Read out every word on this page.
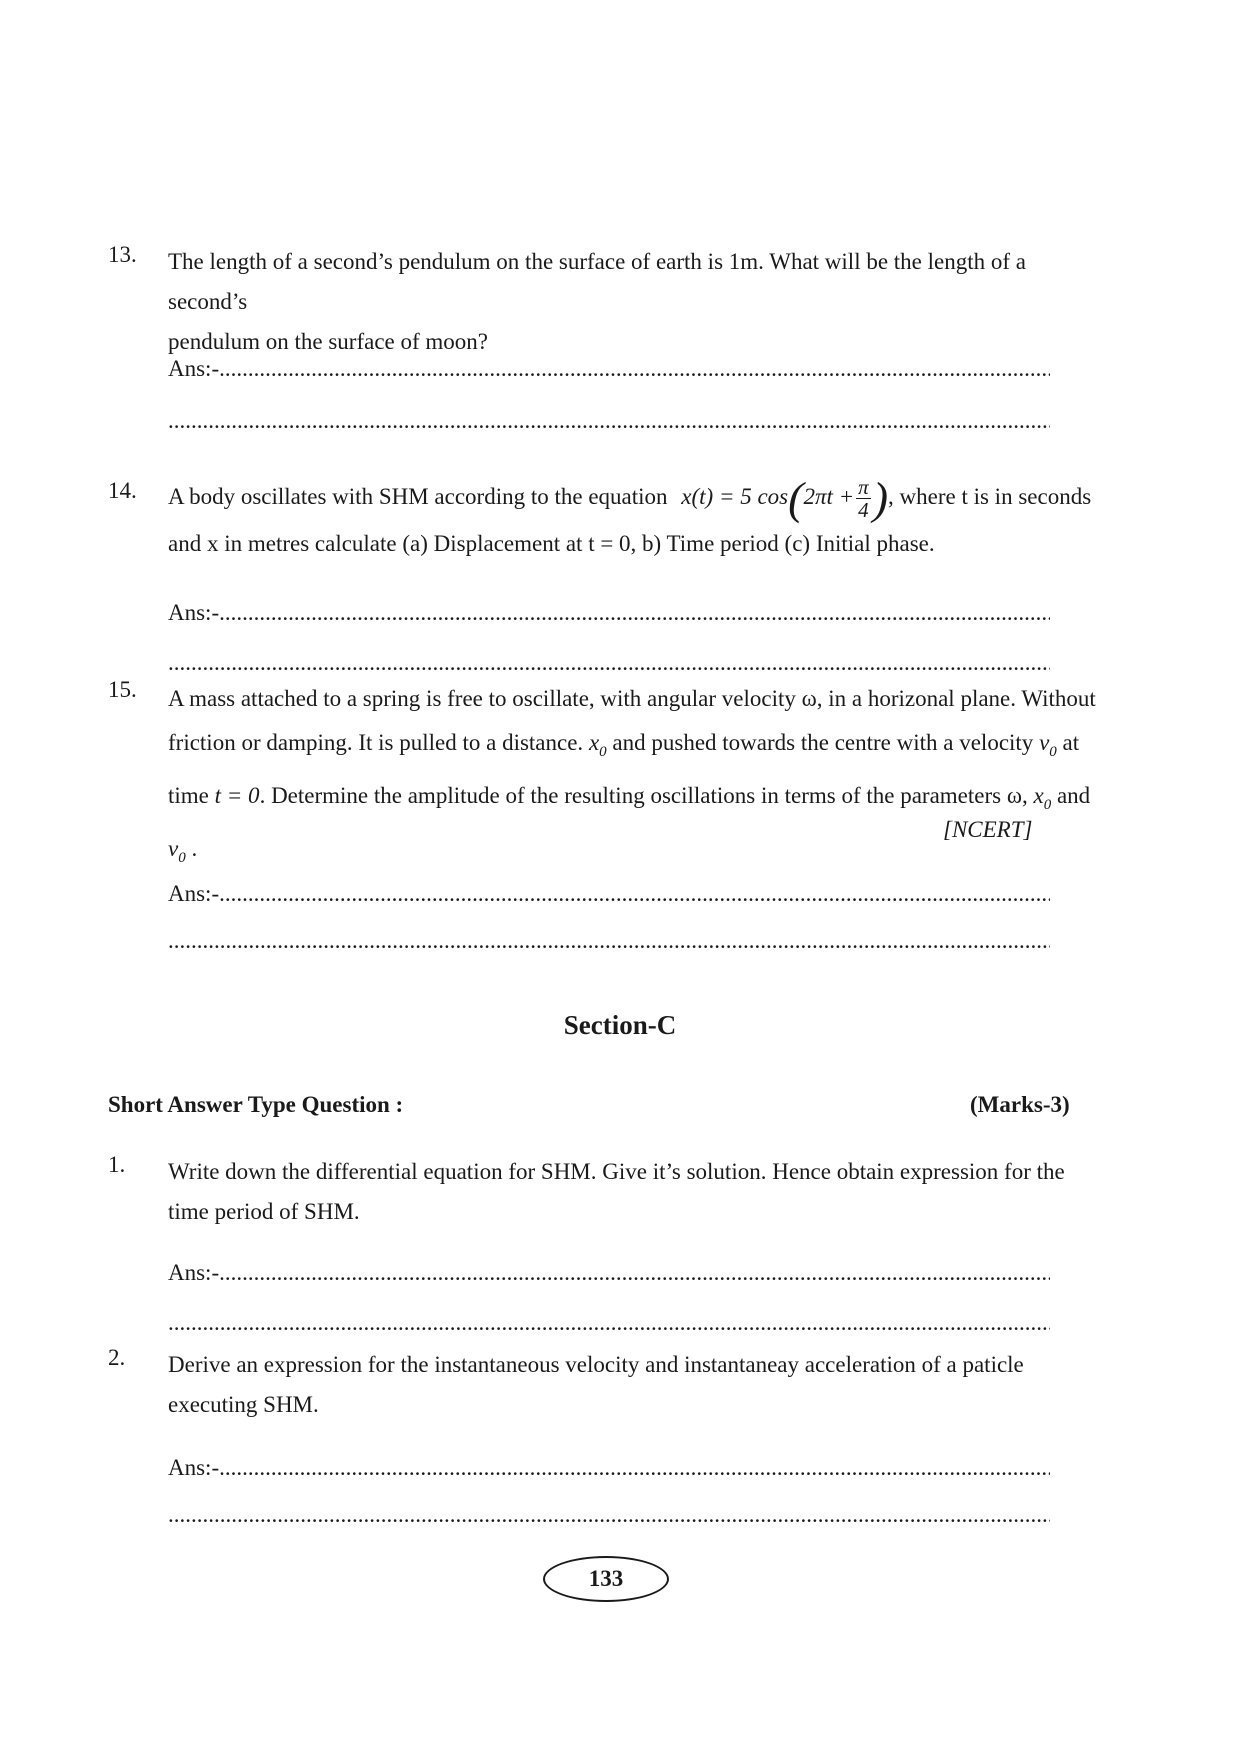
13. The length of a second’s pendulum on the surface of earth is 1m. What will be the length of a second’s
pendulum on the surface of moon?
Ans:- .....
.....
14. A body oscillates with SHM according to the equation x(t) = 5 $\cos(2\pi t + \frac{\pi}{4}$ ), where t is in seconds
and x in metres calculate (a) Displacement at t = 0, b) Time period (c) Initial phase.
Ans:- .....
.....
15. A mass attached to a spring is free to oscillate, with angular velocity ω, in a horizonal plane. Without
friction or damping. It is pulled to a distance. $x_0$ and pushed towards the centre with a velocity $v_0$ at
time t = 0. Determine the amplitude of the resulting oscillations in terms of the parameters ω, $x_0$ and
$v_0$ .
[NCERT]
Ans:- .....
.....
Section-C
Short Answer Type Question :	(Marks-3)
1. Write down the differential equation for SHM. Give it’s solution. Hence obtain expression for the
time period of SHM.
Ans:- .....
.....
2. Derive an expression for the instantaneous velocity and instantaneay acceleration of a paticle
executing SHM.
Ans:- .....
.....
133
